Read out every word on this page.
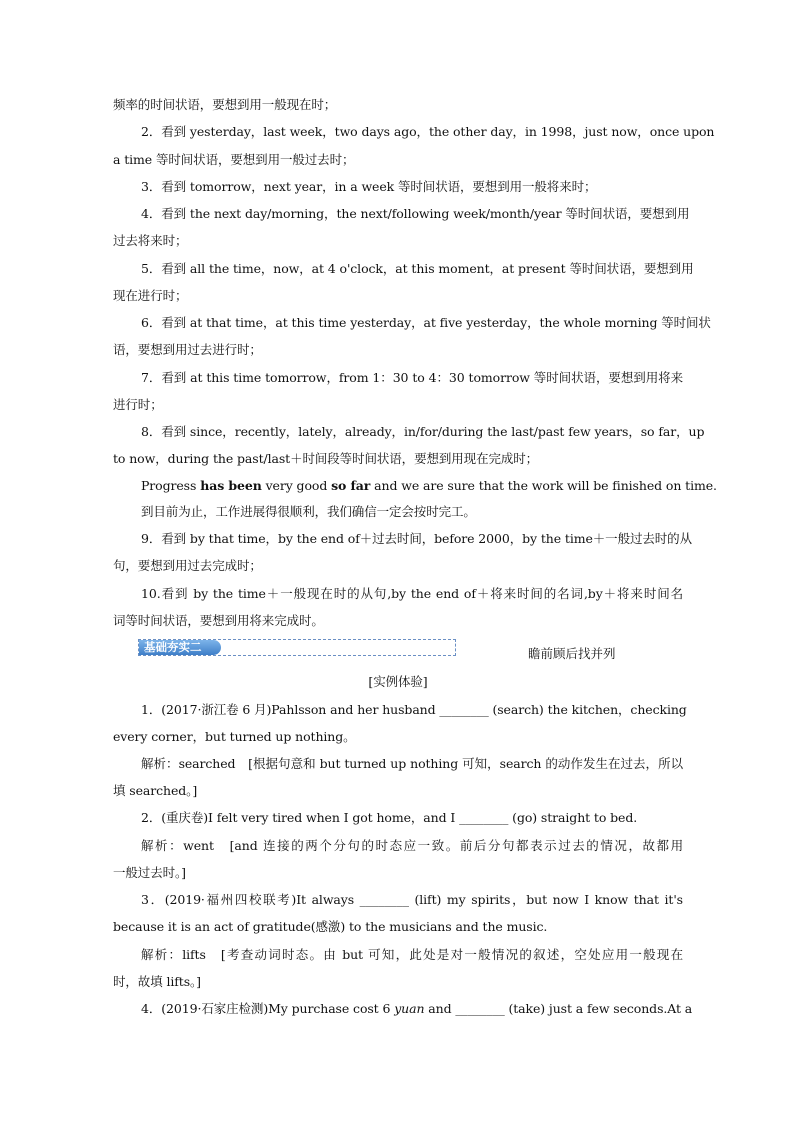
频率的时间状语，要想到用一般现在时；
2．看到 yesterday，last week，two days ago，the other day，in 1998，just now，once upon
a time 等时间状语，要想到用一般过去时；
3．看到 tomorrow，next year，in a week 等时间状语，要想到用一般将来时；
4．看到 the next day/morning，the next/following week/month/year 等时间状语，要想到用
过去将来时；
5．看到 all the time，now，at 4 o'clock，at this moment，at present 等时间状语，要想到用
现在进行时；
6．看到 at that time，at this time yesterday，at five yesterday，the whole morning 等时间状
语，要想到用过去进行时；
7．看到 at this time tomorrow，from 1：30 to 4：30 tomorrow 等时间状语，要想到用将来
进行时；
8．看到 since，recently，lately，already，in/for/during the last/past few years，so far，up
to now，during the past/last＋时间段等时间状语，要想到用现在完成时；
Progress has been very good so far and we are sure that the work will be finished on time.
到目前为止，工作进展得很顺利，我们确信一定会按时完工。
9．看到 by that time，by the end of＋过去时间，before 2000，by the time＋一般过去时的从
句，要想到用过去完成时；
10.看到 by the time＋一般现在时的从句,by the end of＋将来时间的名词,by＋将来时间名
词等时间状语，要想到用将来完成时。
基础夯实二	瞻前顾后找并列
[实例体验]
1．(2017·浙江卷 6 月)Pahlsson and her husband ________ (search) the kitchen，checking
every corner，but turned up nothing。
解析：searched　[根据句意和 but turned up nothing 可知，search 的动作发生在过去，所以
填 searched。]
2．(重庆卷)I felt very tired when I got home，and I ________ (go) straight to bed.
解析：went　[and 连接的两个分句的时态应一致。前后分句都表示过去的情况，故都用
一般过去时。]
3．(2019·福州四校联考)It always ________ (lift) my spirits，but now I know that it's
because it is an act of gratitude(感激) to the musicians and the music.
解析：lifts　[考查动词时态。由 but 可知，此处是对一般情况的叙述，空处应用一般现在
时，故填 lifts。]
4．(2019·石家庄检测)My purchase cost 6 yuan and ________ (take) just a few seconds.At a
